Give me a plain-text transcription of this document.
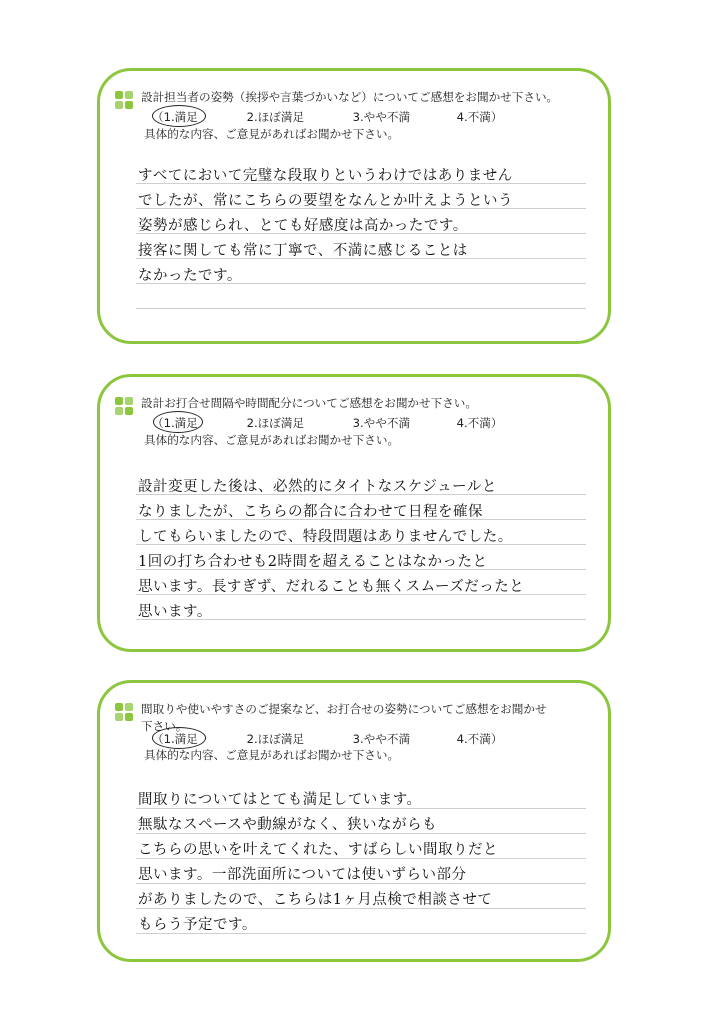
設計担当者の姿勢（挨拶や言葉づかいなど）についてご感想をお聞かせ下さい。
（ 1.満足	2.ほぼ満足	3.やや不満	4.不満）
具体的な内容、ご意見があればお聞かせ下さい。
すべてにおいて完璧な段取りというわけではありません
でしたが、常にこちらの要望をなんとか叶えようという
姿勢が感じられ、とても好感度は高かったです。
接客に関しても常に丁寧で、不満に感じることは
なかったです。
設計お打合せ間隔や時間配分についてご感想をお聞かせ下さい。
（ 1.満足	2.ほぼ満足	3.やや不満	4.不満）
具体的な内容、ご意見があればお聞かせ下さい。
設計変更した後は、必然的にタイトなスケジュールと
なりましたが、こちらの都合に合わせて日程を確保
してもらいましたので、特段問題はありませんでした。
1回の打ち合わせも2時間を超えることはなかったと
思います。長すぎず、だれることも無くスムーズだったと
思います。
間取りや使いやすさのご提案など、お打合せの姿勢についてご感想をお聞かせ下さい。
（ 1.満足	2.ほぼ満足	3.やや不満	4.不満）
具体的な内容、ご意見があればお聞かせ下さい。
間取りについてはとても満足しています。
無駄なスペースや動線がなく、狭いながらも
こちらの思いを叶えてくれた、すばらしい間取りだと
思います。一部洗面所については使いずらい部分
がありましたので、こちらは1ヶ月点検で相談させて
もらう予定です。
